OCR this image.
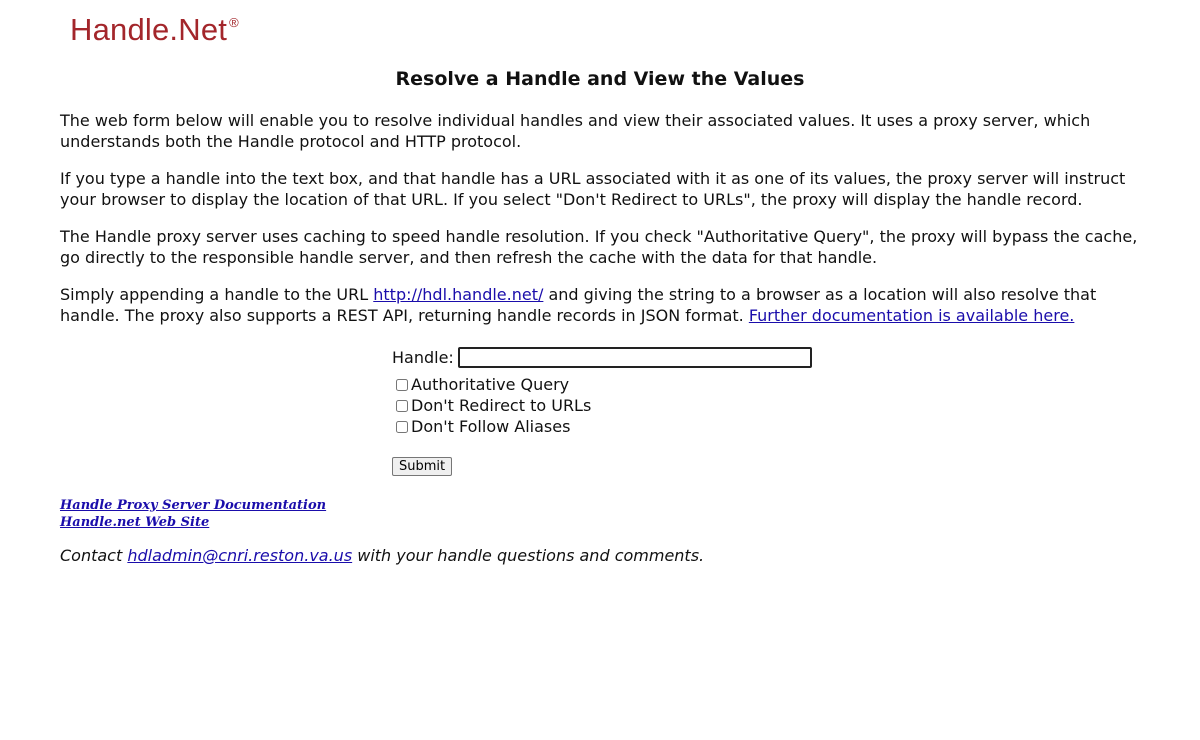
Handle.Net ®
Resolve a Handle and View the Values

The web form below will enable you to resolve individual handles and view their associated values. It uses a proxy server, which understands both the Handle protocol and HTTP protocol.

If you type a handle into the text box, and that handle has a URL associated with it as one of its values, the proxy server will instruct your browser to display the location of that URL. If you select "Don't Redirect to URLs", the proxy will display the handle record.

The Handle proxy server uses caching to speed handle resolution. If you check "Authoritative Query", the proxy will bypass the cache, go directly to the responsible handle server, and then refresh the cache with the data for that handle.

Simply appending a handle to the URL http://hdl.handle.net/ and giving the string to a browser as a location will also resolve that handle. The proxy also supports a REST API, returning handle records in JSON format. Further documentation is available here.

Handle:
Authoritative Query
Don't Redirect to URLs
Don't Follow Aliases
Submit
Handle Proxy Server Documentation
Handle.net Web Site
Contact hdladmin@cnri.reston.va.us with your handle questions and comments.
